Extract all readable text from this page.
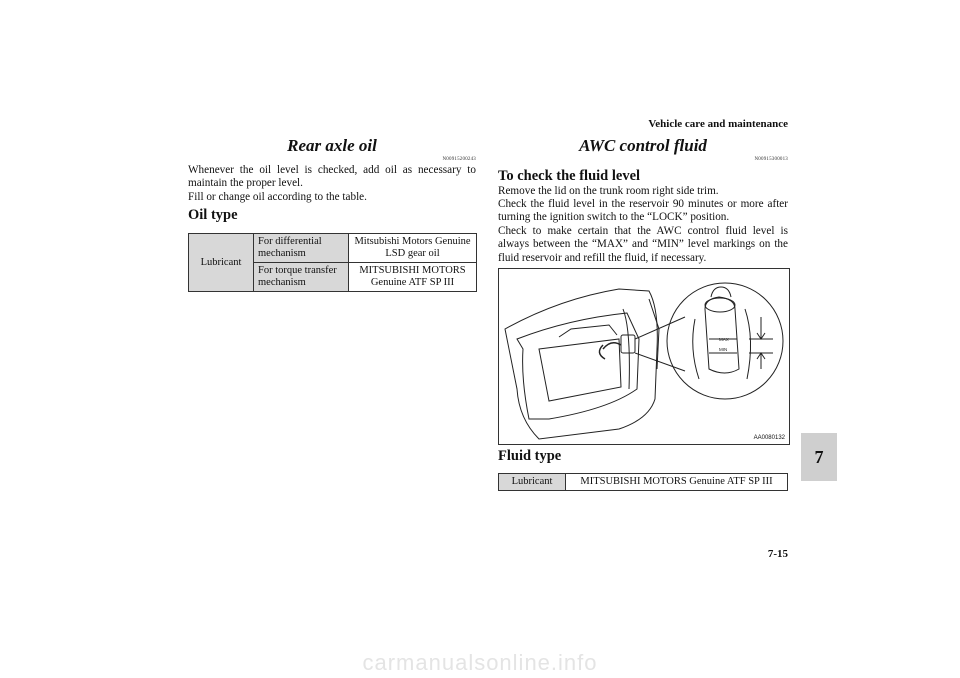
Vehicle care and maintenance
Rear axle oil
N00915200243
Whenever the oil level is checked, add oil as necessary to maintain the proper level.
Fill or change oil according to the table.
Oil type
Lubricant	For differential mechanism	Mitsubishi Motors Genuine LSD gear oil
	For torque transfer mechanism	MITSUBISHI MOTORS Genuine ATF SP III
AWC control fluid
N00915300013
To check the fluid level
Remove the lid on the trunk room right side trim.
Check the fluid level in the reservoir 90 minutes or more after turning the ignition switch to the “LOCK” position.
Check to make certain that the AWC control fluid level is always between the “MAX” and “MIN” level markings on the fluid reservoir and refill the fluid, if necessary.
MAX
MIN
AA0080132
Fluid type
Lubricant	MITSUBISHI MOTORS Genuine ATF SP III
7
7-15
carmanualsonline.info
